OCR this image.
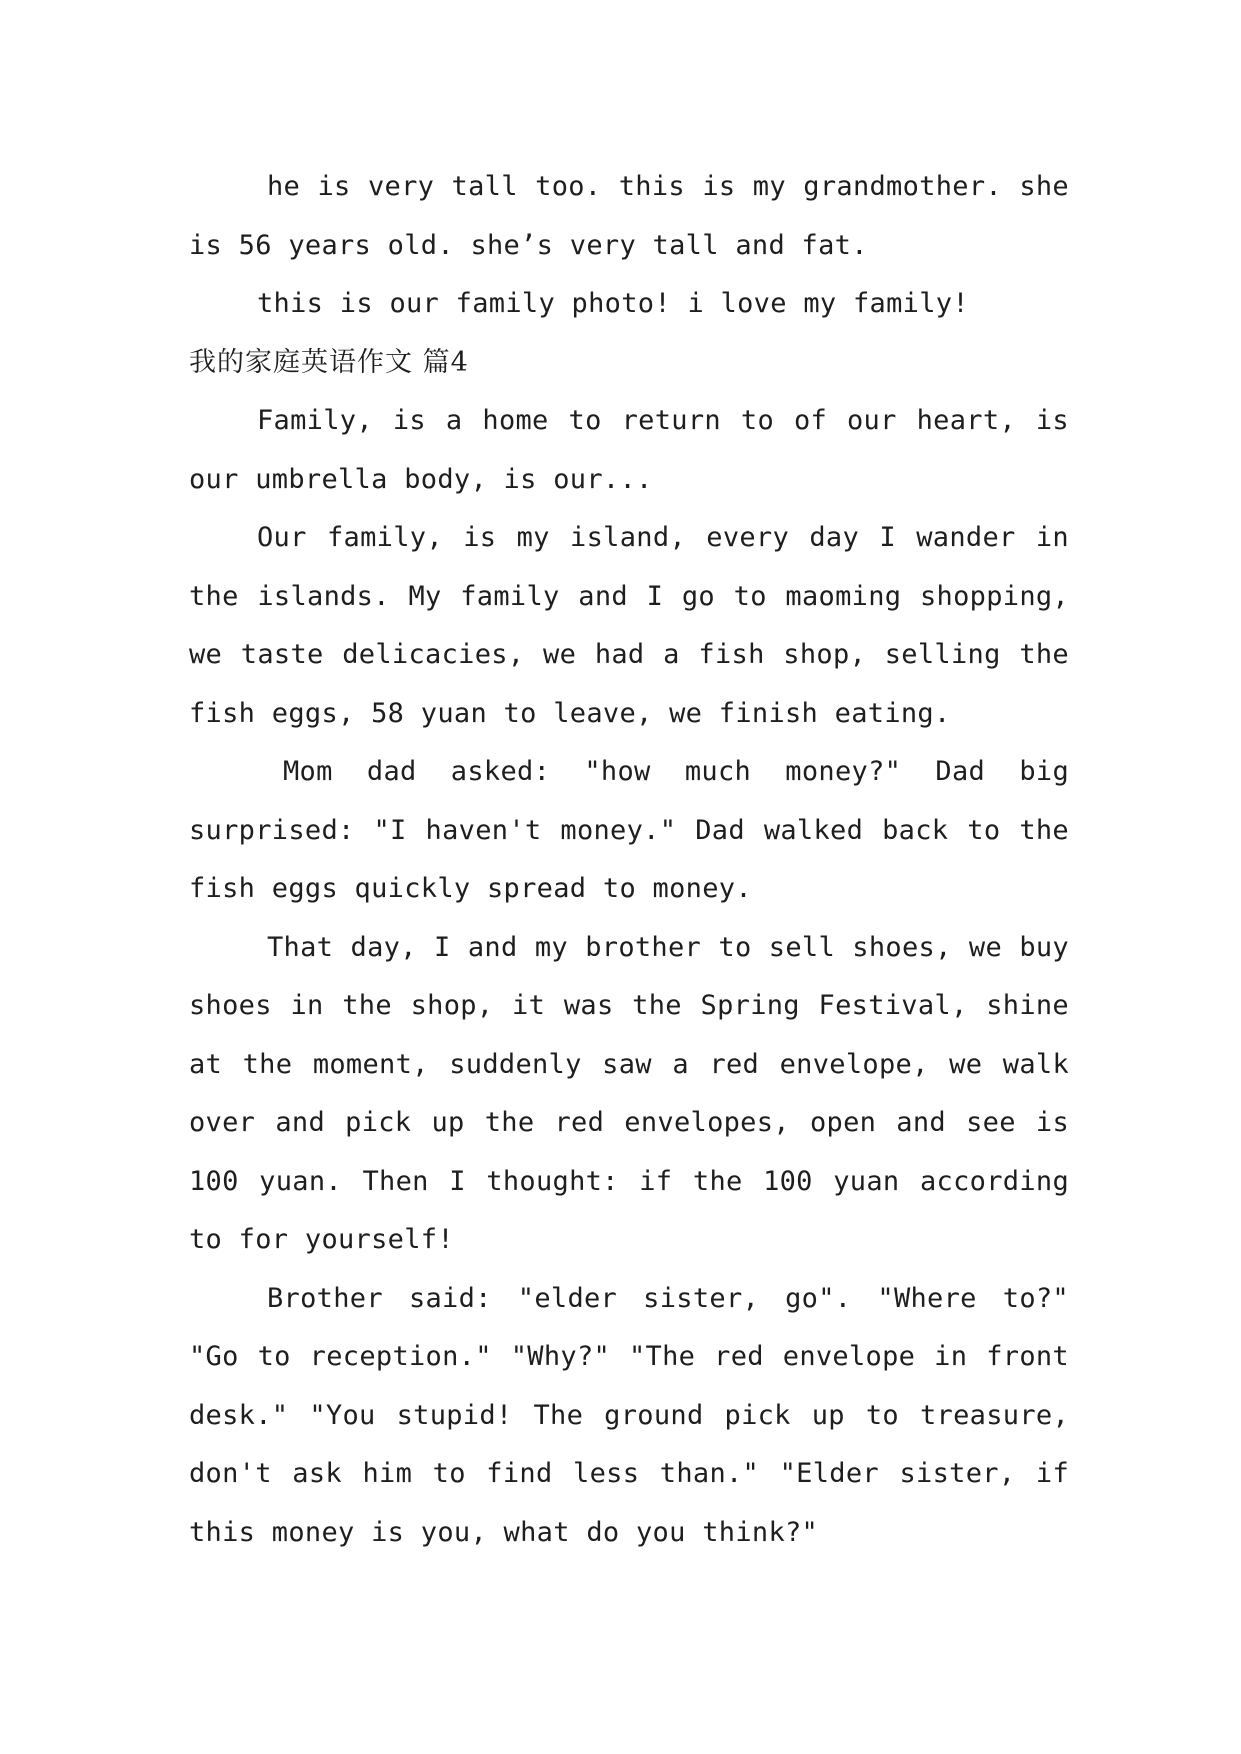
he is very tall too. this is my grandmother. she is 56 years old. she’s very tall and fat.

this is our family photo! i love my family!

我的家庭英语作文 篇4

Family, is a home to return to of our heart, is our umbrella body, is our...

Our family, is my island, every day I wander in the islands. My family and I go to maoming shopping, we taste delicacies, we had a fish shop, selling the fish eggs, 58 yuan to leave, we finish eating.

Mom dad asked: "how much money?" Dad big surprised: "I haven't money." Dad walked back to the fish eggs quickly spread to money.

That day, I and my brother to sell shoes, we buy shoes in the shop, it was the Spring Festival, shine at the moment, suddenly saw a red envelope, we walk over and pick up the red envelopes, open and see is 100 yuan. Then I thought: if the 100 yuan according to for yourself!

Brother said: "elder sister, go". "Where to?" "Go to reception." "Why?" "The red envelope in front desk." "You stupid! The ground pick up to treasure, don't ask him to find less than." "Elder sister, if this money is you, what do you think?"
